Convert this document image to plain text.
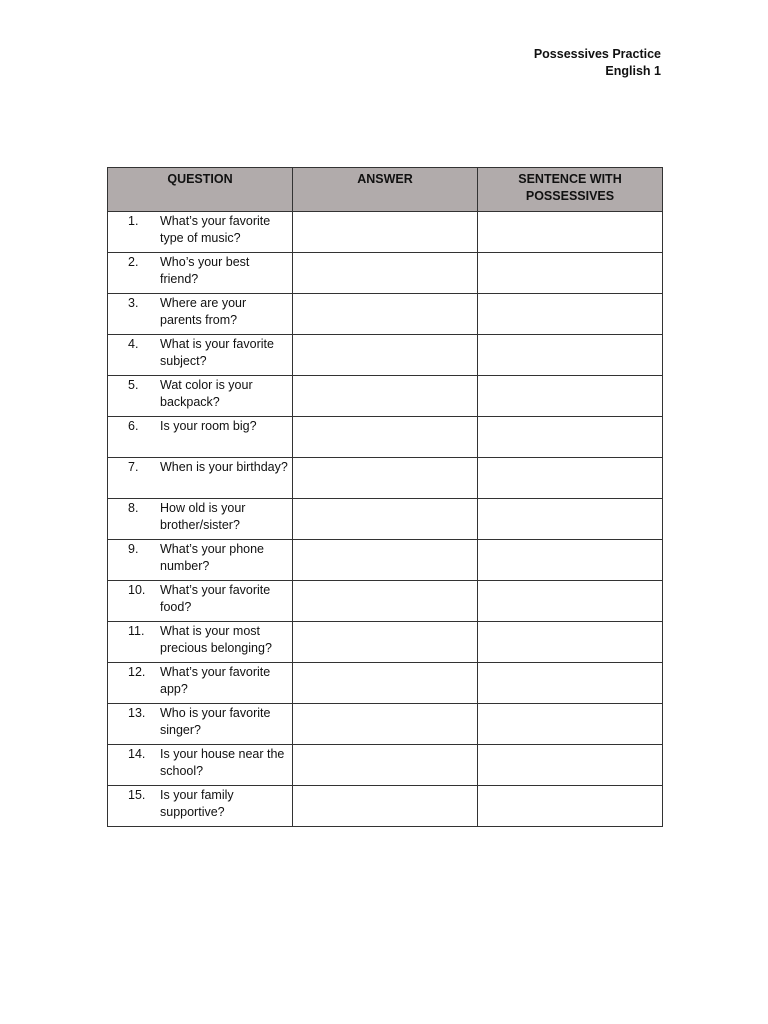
Possessives Practice
English 1
QUESTION	ANSWER	SENTENCE WITH POSSESSIVES

1. What’s your favorite type of music?		

2. Who’s your best friend?		

3. Where are your parents from?		

4. What is your favorite subject?		

5. Wat color is your backpack?		

6. Is your room big?		

7. When is your birthday?		

8. How old is your brother/sister?		

9. What’s your phone number?		

10. What’s your favorite food?		

11. What is your most precious belonging?		

12. What’s your favorite app?		

13. Who is your favorite singer?		

14. Is your house near the school?		

15. Is your family supportive?		
